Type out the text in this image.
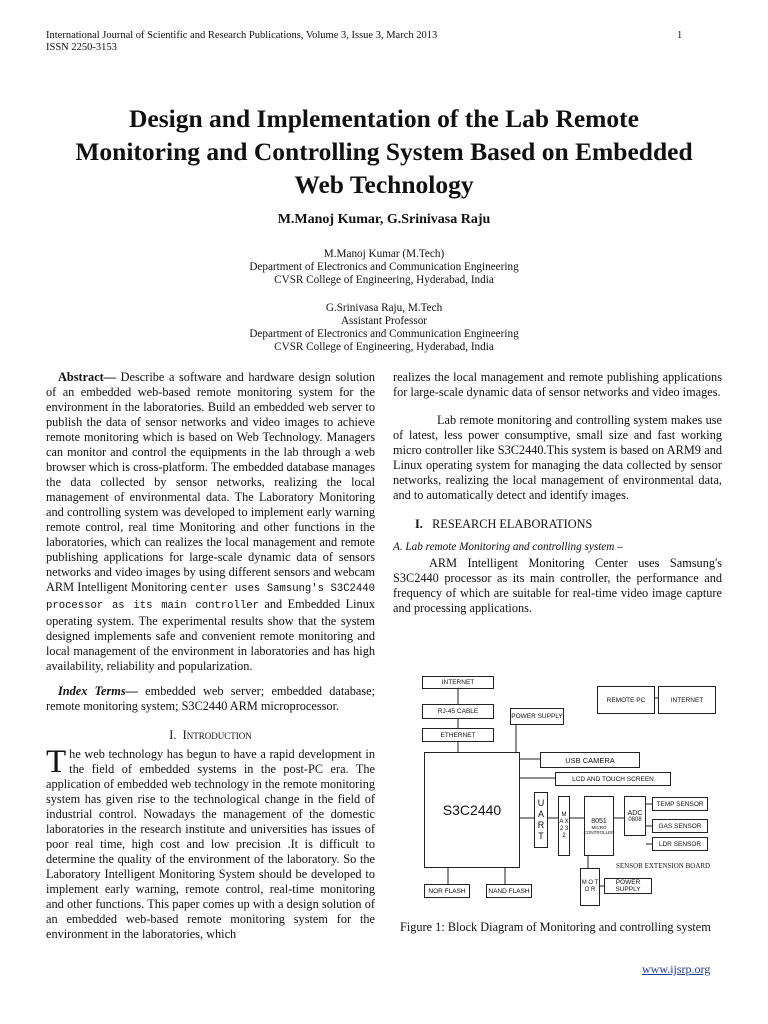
International Journal of Scientific and Research Publications, Volume 3, Issue 3, March 2013
ISSN 2250-3153
1
Design and Implementation of the Lab Remote
Monitoring and Controlling System Based on Embedded
Web Technology
M.Manoj Kumar, G.Srinivasa Raju
M.Manoj Kumar (M.Tech)
Department of Electronics and Communication Engineering
CVSR College of Engineering, Hyderabad, India
G.Srinivasa Raju, M.Tech
Assistant Professor
Department of Electronics and Communication Engineering
CVSR College of Engineering, Hyderabad, India

Abstract— Describe a software and hardware design solution of an embedded web-based remote monitoring system for the environment in the laboratories. Build an embedded web server to publish the data of sensor networks and video images to achieve remote monitoring which is based on Web Technology. Managers can monitor and control the equipments in the lab through a web browser which is cross-platform. The embedded database manages the data collected by sensor networks, realizing the local management of environmental data. The Laboratory Monitoring and controlling system was developed to implement early warning remote control, real time Monitoring and other functions in the laboratories, which can realizes the local management and remote publishing applications for large-scale dynamic data of sensors networks and video images by using different sensors and webcam ARM Intelligent Monitoring center uses Samsung's S3C2440 processor as its main controller and Embedded Linux operating system. The experimental results show that the system designed implements safe and convenient remote monitoring and local management of the environment in laboratories and has high availability, reliability and popularization.

Index Terms— embedded web server; embedded database; remote monitoring system; S3C2440 ARM microprocessor.

I. Introduction

The web technology has begun to have a rapid development in the field of embedded systems in the post-PC era. The application of embedded web technology in the remote monitoring system has given rise to the technological change in the field of industrial control. Nowadays the management of the domestic laboratories in the research institute and universities has issues of poor real time, high cost and low precision .It is difficult to determine the quality of the environment of the laboratory. So the Laboratory Intelligent Monitoring System should be developed to implement early warning, remote control, real-time monitoring and other functions. This paper comes up with a design solution of an embedded web-based remote monitoring system for the environment in the laboratories, which

realizes the local management and remote publishing applications for large-scale dynamic data of sensor networks and video images.

Lab remote monitoring and controlling system makes use of latest, less power consumptive, small size and fast working micro controller like S3C2440.This system is based on ARM9 and Linux operating system for managing the data collected by sensor networks, realizing the local management of environmental data, and to automatically detect and identify images.

I. RESEARCH ELABORATIONS
A. Lab remote Monitoring and controlling system –

ARM Intelligent Monitoring Center uses Samsung's S3C2440 processor as its main controller, the performance and frequency of which are suitable for real-time video image capture and processing applications.

INTERNET
RJ-45 CABLE
POWER SUPPLY
ETHERNET
REMOTE PC	INTERNET
S3C2440
USB CAMERA
LCD AND TOUCH SCREEN
U A R T
M A X 2 3 2
8051
MICRO CONTROLLER
ADC
0808
TEMP SENSOR
GAS SENSOR
LDR SENSOR
SENSOR EXTENSION BOARD
NOR FLASH	NAND FLASH
M O T O R
POWER SUPPLY
Figure 1: Block Diagram of Monitoring and controlling system
www.ijsrp.org
